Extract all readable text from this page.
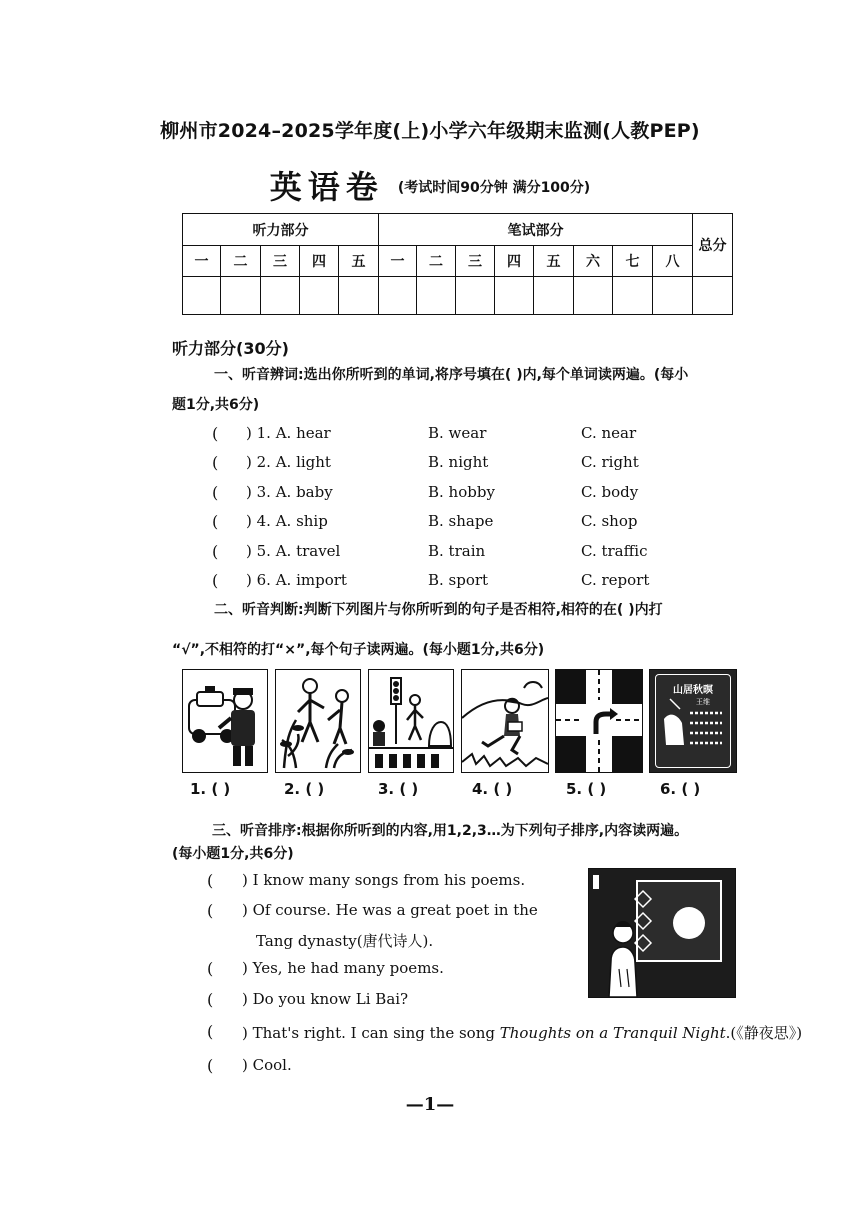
柳州市2024–2025学年度(上)小学六年级期末监测(人教PEP)
英语卷 (考试时间90分钟 满分100分)
听力部分					笔试部分								总分
一	二	三	四	五	一	二	三	四	五	六	七	八	

听力部分(30分)
一、听音辨词:选出你所听到的单词,将序号填在( )内,每个单词读两遍。(每小
题1分,共6分)
( ) 1. A. hear	B. wear	C. near
( ) 2. A. light	B. night	C. right
( ) 3. A. baby	B. hobby	C. body
( ) 4. A. ship	B. shape	C. shop
( ) 5. A. travel	B. train	C. traffic
( ) 6. A. import	B. sport	C. report
二、听音判断:判断下列图片与你所听到的句子是否相符,相符的在( )内打
“√”,不相符的打“×”,每个句子读两遍。(每小题1分,共6分)
山居秋暝
王维
1. ( )	2. ( )	3. ( )	4. ( )	5. ( )	6. ( )
三、听音排序:根据你所听到的内容,用1,2,3…为下列句子排序,内容读两遍。
(每小题1分,共6分)
( ) I know many songs from his poems.
( ) Of course. He was a great poet in the
Tang dynasty(唐代诗人).
( ) Yes, he had many poems.
( ) Do you know Li Bai?
( ) That's right. I can sing the song Thoughts on a Tranquil Night.(《静夜思》)
( ) Cool.
—1—
